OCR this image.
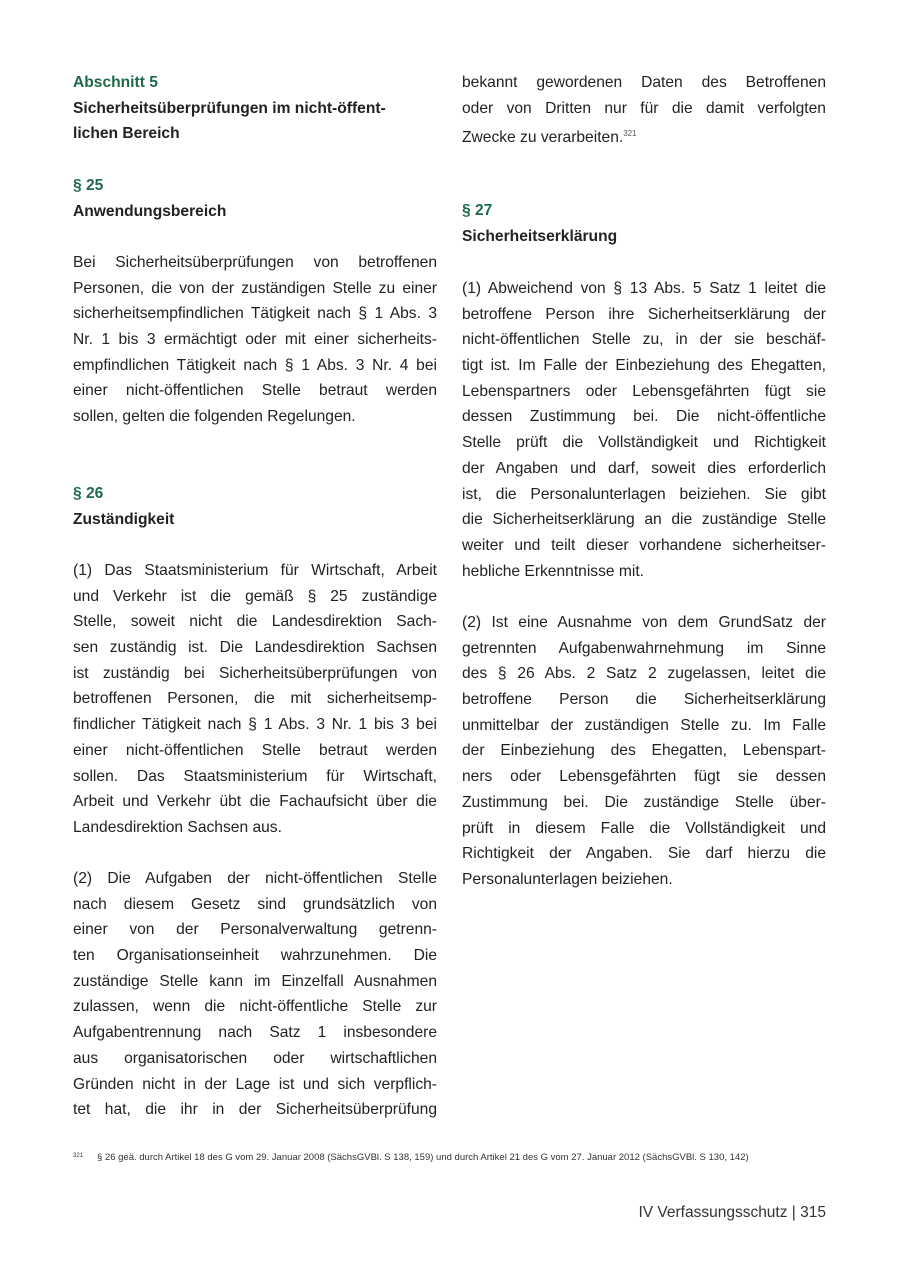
Abschnitt 5
Sicherheitsüberprüfungen im nicht-öffent-
lichen Bereich
§ 25
Anwendungsbereich
Bei Sicherheitsüberprüfungen von betroffenen
Personen, die von der zuständigen Stelle zu einer
sicherheitsempfindlichen Tätigkeit nach § 1 Abs. 3
Nr. 1 bis 3 ermächtigt oder mit einer sicherheits-
empfindlichen Tätigkeit nach § 1 Abs. 3 Nr. 4 bei
einer nicht-öffentlichen Stelle betraut werden
sollen, gelten die folgenden Regelungen.
§ 26
Zuständigkeit
(1) Das Staatsministerium für Wirtschaft, Arbeit
und Verkehr ist die gemäß § 25 zuständige
Stelle, soweit nicht die Landesdirektion Sach-
sen zuständig ist. Die Landesdirektion Sachsen
ist zuständig bei Sicherheitsüberprüfungen von
betroffenen Personen, die mit sicherheitsemp-
findlicher Tätigkeit nach § 1 Abs. 3 Nr. 1 bis 3 bei
einer nicht-öffentlichen Stelle betraut werden
sollen. Das Staatsministerium für Wirtschaft,
Arbeit und Verkehr übt die Fachaufsicht über die
Landesdirektion Sachsen aus.
(2) Die Aufgaben der nicht-öffentlichen Stelle
nach diesem Gesetz sind grundsätzlich von
einer von der Personalverwaltung getrenn-
ten Organisationseinheit wahrzunehmen. Die
zuständige Stelle kann im Einzelfall Ausnahmen
zulassen, wenn die nicht-öffentliche Stelle zur
Aufgabentrennung nach Satz 1 insbesondere
aus organisatorischen oder wirtschaftlichen
Gründen nicht in der Lage ist und sich verpflich-
tet hat, die ihr in der Sicherheitsüberprüfung
bekannt gewordenen Daten des Betroffenen
oder von Dritten nur für die damit verfolgten
Zwecke zu verarbeiten.$^{321}$
§ 27
Sicherheitserklärung
(1) Abweichend von § 13 Abs. 5 Satz 1 leitet die
betroffene Person ihre Sicherheitserklärung der
nicht-öffentlichen Stelle zu, in der sie beschäf-
tigt ist. Im Falle der Einbeziehung des Ehegatten,
Lebenspartners oder Lebensgefährten fügt sie
dessen Zustimmung bei. Die nicht-öffentliche
Stelle prüft die Vollständigkeit und Richtigkeit
der Angaben und darf, soweit dies erforderlich
ist, die Personalunterlagen beiziehen. Sie gibt
die Sicherheitserklärung an die zuständige Stelle
weiter und teilt dieser vorhandene sicherheitser-
hebliche Erkenntnisse mit.
(2) Ist eine Ausnahme von dem GrundSatz der
getrennten Aufgabenwahrnehmung im Sinne
des § 26 Abs. 2 Satz 2 zugelassen, leitet die
betroffene Person die Sicherheitserklärung
unmittelbar der zuständigen Stelle zu. Im Falle
der Einbeziehung des Ehegatten, Lebenspart-
ners oder Lebensgefährten fügt sie dessen
Zustimmung bei. Die zuständige Stelle über-
prüft in diesem Falle die Vollständigkeit und
Richtigkeit der Angaben. Sie darf hierzu die
Personalunterlagen beiziehen.
$^{321}$ § 26 geä. durch Artikel 18 des G vom 29. Januar 2008 (SächsGVBl. S 138, 159) und durch Artikel 21 des G vom 27. Januar 2012 (SächsGVBl. S 130, 142)
IV Verfassungsschutz | 315
